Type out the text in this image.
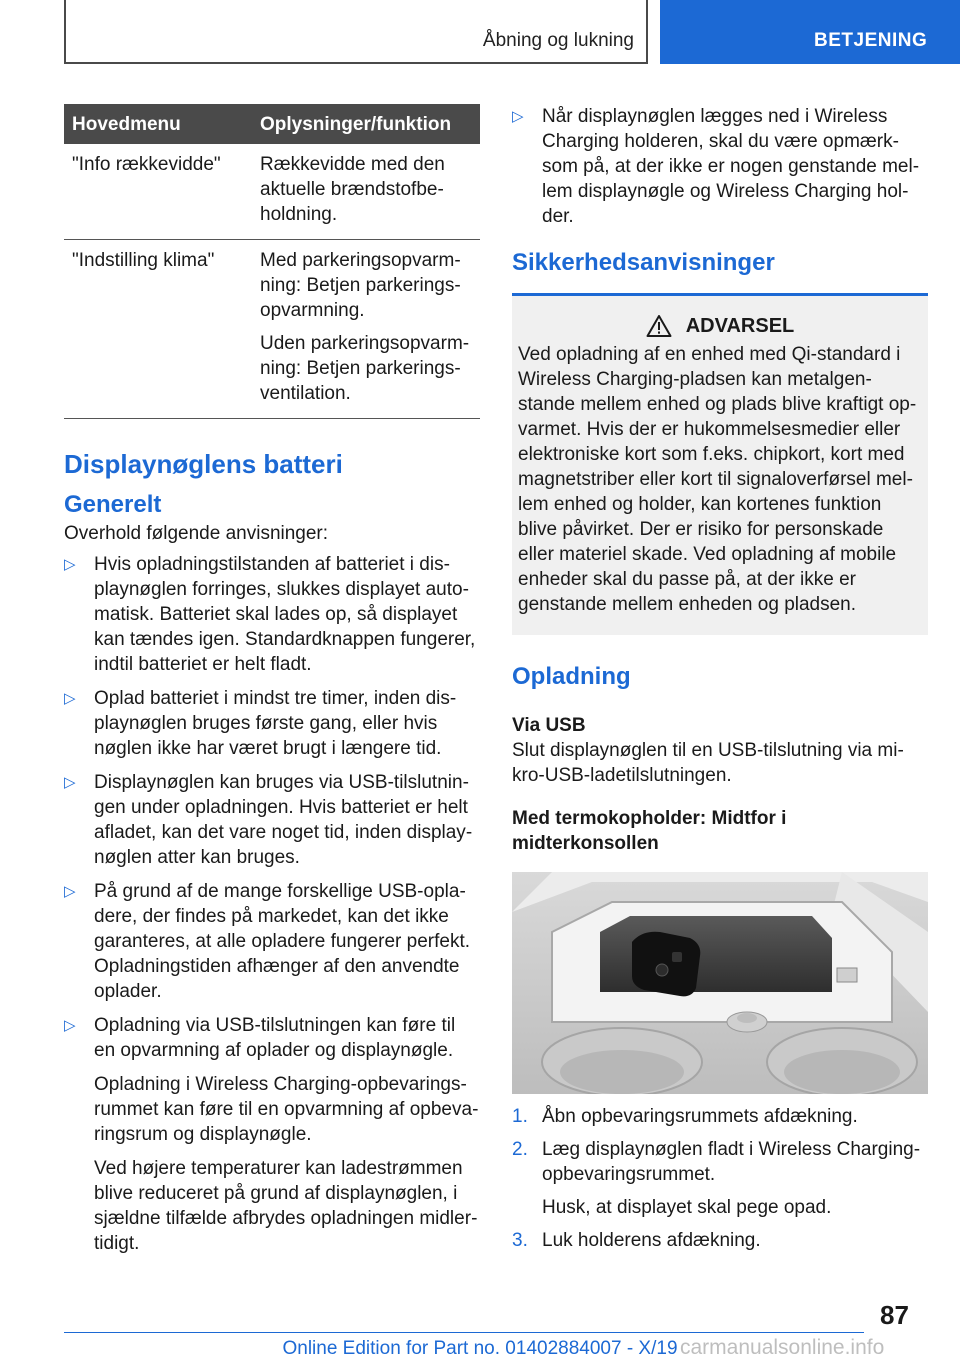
Åbning og lukning	BETJENING
Hovedmenu	Oplysninger/funktion
"Info rækkevidde"	Rækkevidde med den aktuelle brændstofbeholdning.

"Indstilling klima"	Med parkeringsopvarmning: Betjen parkeringsopvarmning.

Uden parkeringsopvarmning: Betjen parkeringsventilation.

Displaynøglens batteri
Generelt

Overhold følgende anvisninger:

▷ Hvis opladningstilstanden af batteriet i displaynøglen forringes, slukkes displayet automatisk. Batteriet skal lades op, så displayet kan tændes igen. Standardknappen fungerer, indtil batteriet er helt fladt.

▷ Oplad batteriet i mindst tre timer, inden displaynøglen bruges første gang, eller hvis nøglen ikke har været brugt i længere tid.

▷ Displaynøglen kan bruges via USB-tilslutningen under opladningen. Hvis batteriet er helt afladet, kan det vare noget tid, inden displaynøglen atter kan bruges.

▷ På grund af de mange forskellige USB-opladere, der findes på markedet, kan det ikke garanteres, at alle opladere fungerer perfekt. Opladningstiden afhænger af den anvendte oplader.

▷ Opladning via USB-tilslutningen kan føre til en opvarmning af oplader og displaynøgle.

Opladning i Wireless Charging-opbevaringsrummet kan føre til en opvarmning af opbevaringsrum og displaynøgle.

Ved højere temperaturer kan ladestrømmen blive reduceret på grund af displaynøglen, i sjældne tilfælde afbrydes opladningen midlertidigt.

▷ Når displaynøglen lægges ned i Wireless Charging holderen, skal du være opmærksom på, at der ikke er nogen genstande mellem displaynøgle og Wireless Charging holder.

Sikkerhedsanvisninger
ADVARSEL
Ved opladning af en enhed med Qi-standard i Wireless Charging-pladsen kan metalgenstande mellem enhed og plads blive kraftigt opvarmet. Hvis der er hukommelsesmedier eller elektroniske kort som f.eks. chipkort, kort med magnetstriber eller kort til signaloverførsel mellem enhed og holder, kan kortenes funktion blive påvirket. Der er risiko for personskade eller materiel skade. Ved opladning af mobile enheder skal du passe på, at der ikke er genstande mellem enheden og pladsen.
Opladning
Via USB

Slut displaynøglen til en USB-tilslutning via mikro-USB-ladetilslutningen.

Med termokopholder: Midtfor i midterkonsollen
1. Åbn opbevaringsrummets afdækning.

2. Læg displaynøglen fladt i Wireless Charging-opbevaringsrummet.

Husk, at displayet skal pege opad.

3. Luk holderens afdækning.

87
Online Edition for Part no. 01402884007 - X/19 carmanualsonline.info
